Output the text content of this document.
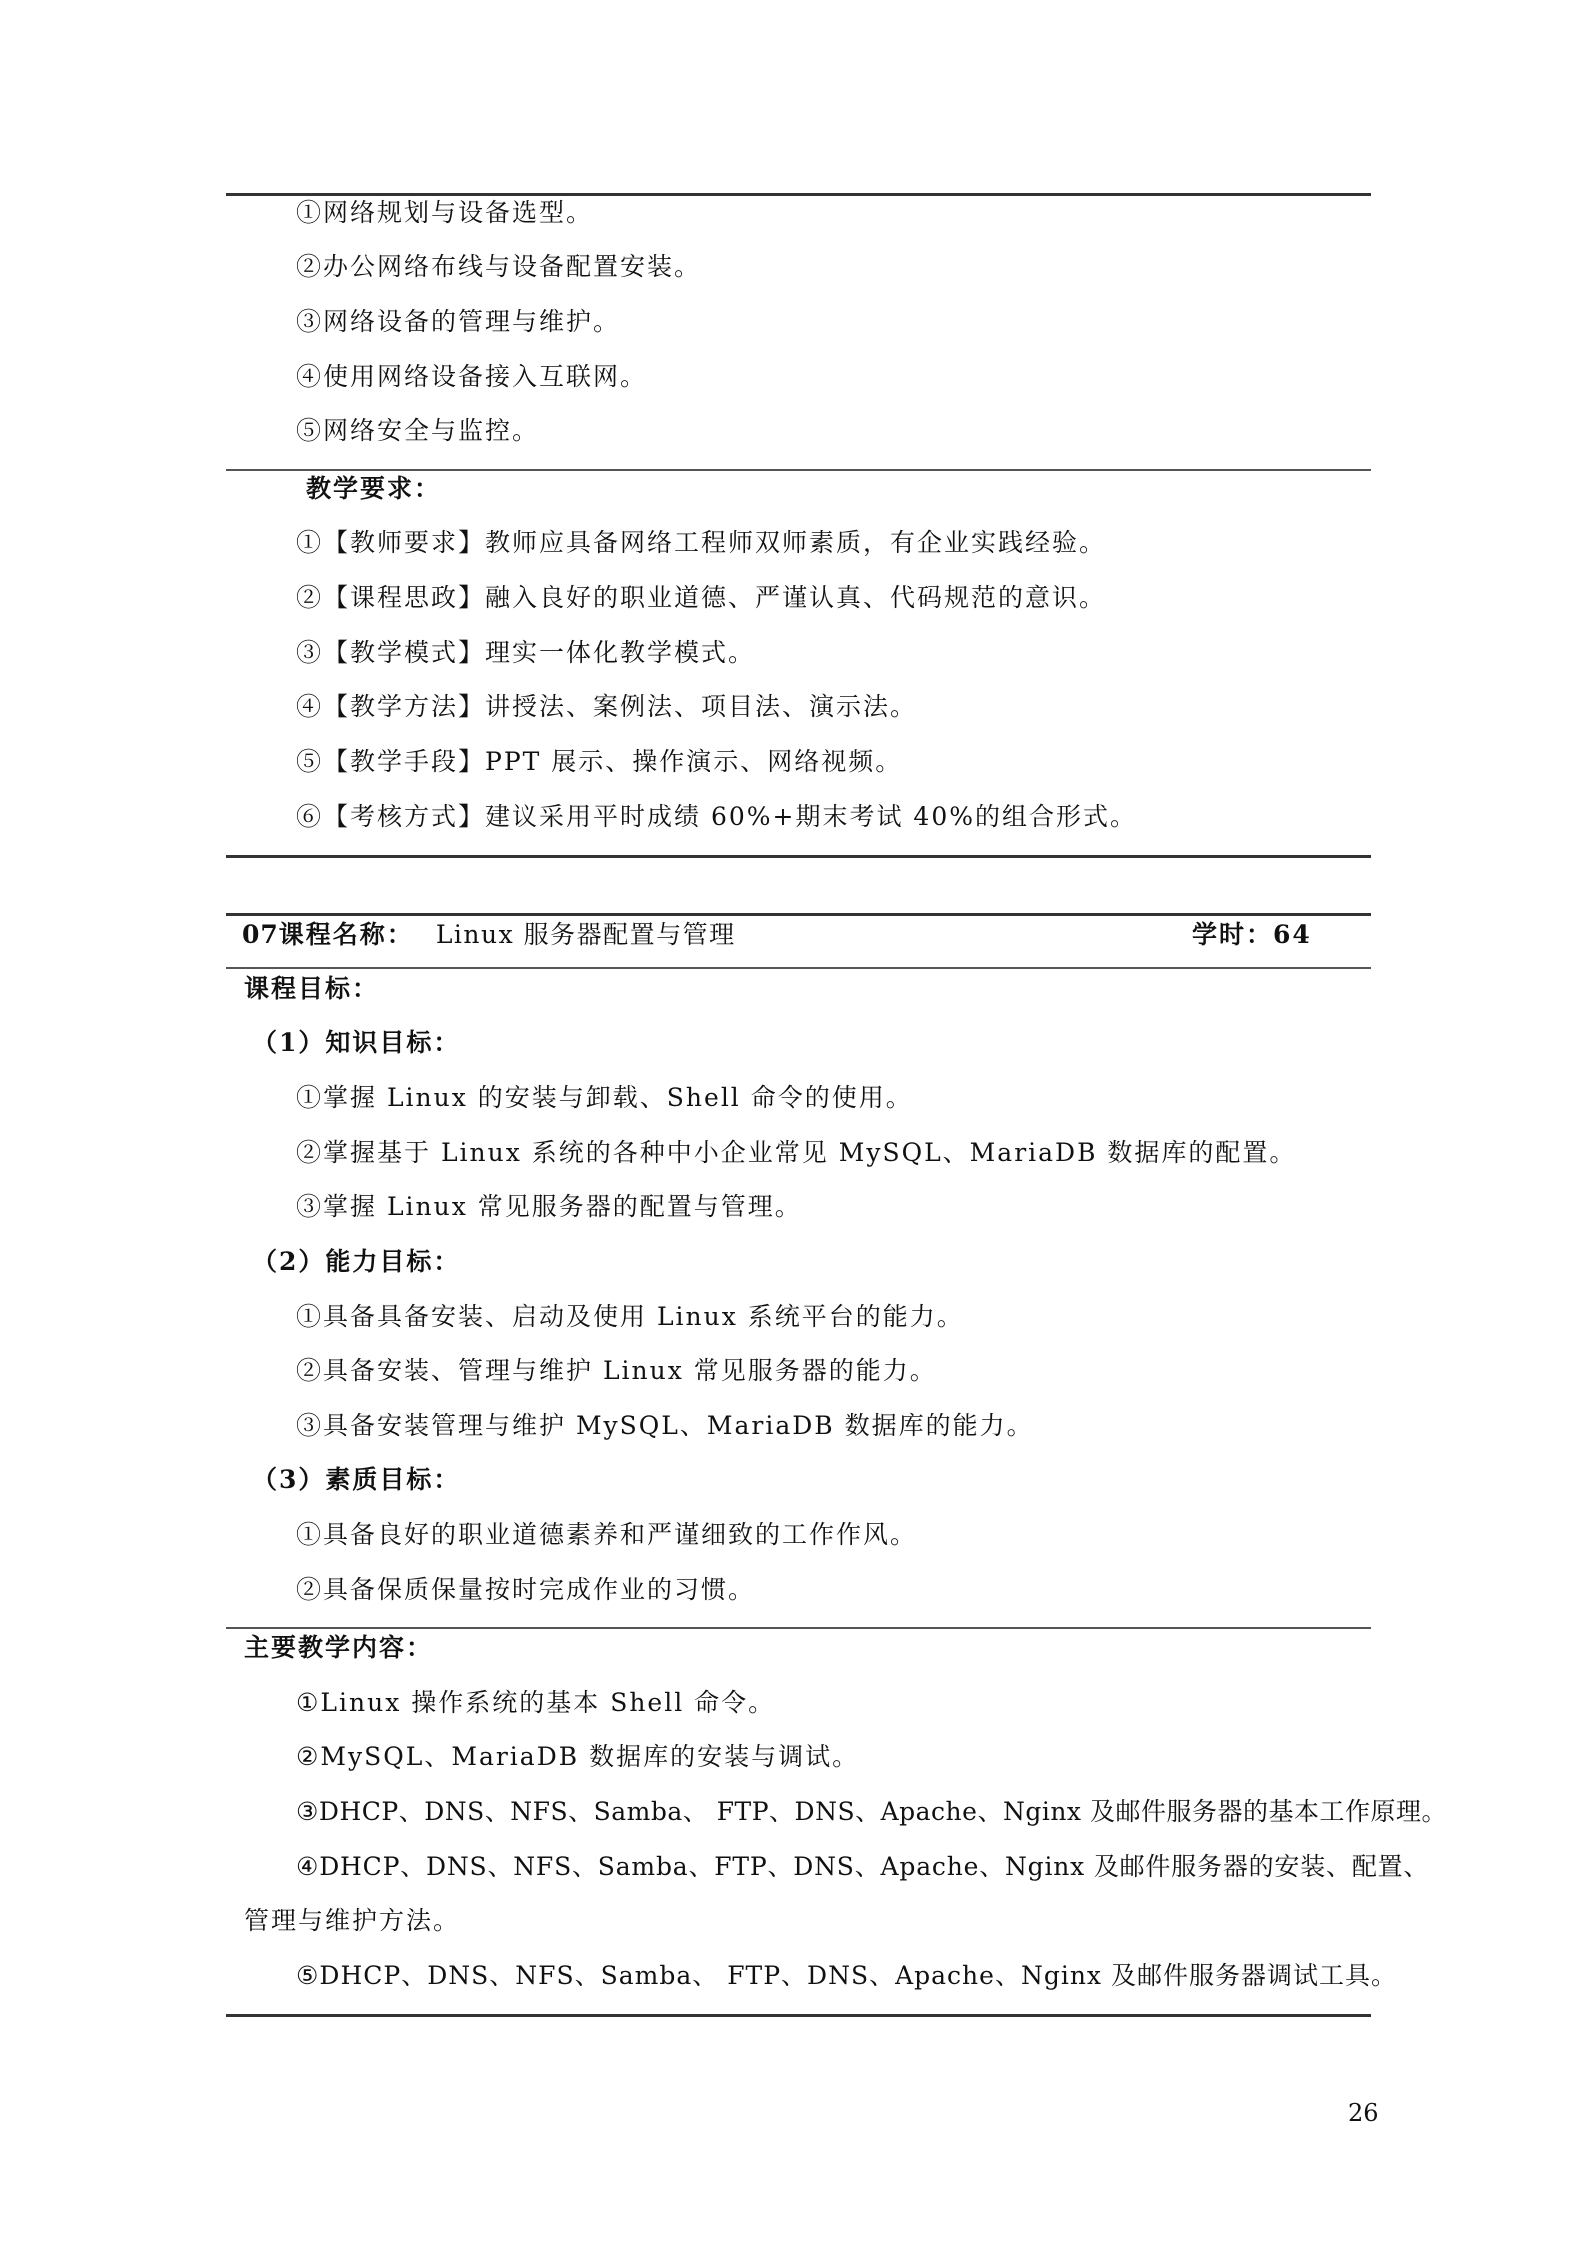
①网络规划与设备选型。
②办公网络布线与设备配置安装。
③网络设备的管理与维护。
④使用网络设备接入互联网。
⑤网络安全与监控。
教学要求：
①【教师要求】教师应具备网络工程师双师素质，有企业实践经验。
②【课程思政】融入良好的职业道德、严谨认真、代码规范的意识。
③【教学模式】理实一体化教学模式。
④【教学方法】讲授法、案例法、项目法、演示法。
⑤【教学手段】PPT 展示、操作演示、网络视频。
⑥【考核方式】建议采用平时成绩 60%+期末考试 40%的组合形式。
07课程名称： Linux 服务器配置与管理	学时：64
课程目标：
（1）知识目标：
①掌握 Linux 的安装与卸载、Shell 命令的使用。
②掌握基于 Linux 系统的各种中小企业常见 MySQL、MariaDB 数据库的配置。
③掌握 Linux 常见服务器的配置与管理。
（2）能力目标：
①具备具备安装、启动及使用 Linux 系统平台的能力。
②具备安装、管理与维护 Linux 常见服务器的能力。
③具备安装管理与维护 MySQL、MariaDB 数据库的能力。
（3）素质目标：
①具备良好的职业道德素养和严谨细致的工作作风。
②具备保质保量按时完成作业的习惯。
主要教学内容：
①Linux 操作系统的基本 Shell 命令。
②MySQL、MariaDB 数据库的安装与调试。
③DHCP、DNS、NFS、Samba、 FTP、DNS、Apache、Nginx 及邮件服务器的基本工作原理。
④DHCP、DNS、NFS、Samba、FTP、DNS、Apache、Nginx 及邮件服务器的安装、配置、
管理与维护方法。
⑤DHCP、DNS、NFS、Samba、 FTP、DNS、Apache、Nginx 及邮件服务器调试工具。
26
